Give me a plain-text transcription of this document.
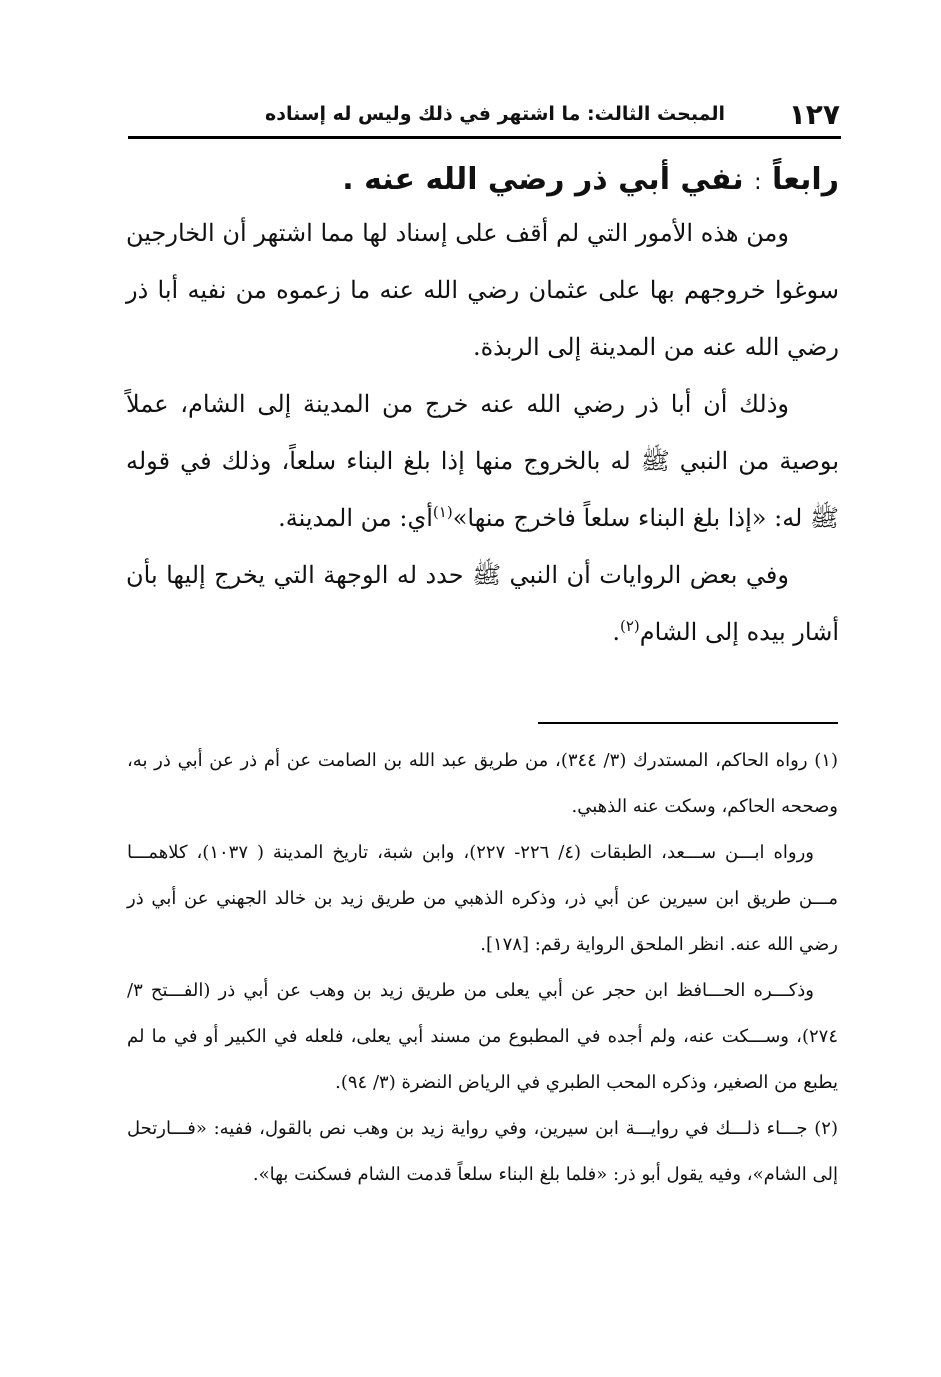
١٢٧
المبحث الثالث: ما اشتهر في ذلك وليس له إسناده
رابعاً : نفي أبي ذر رضي الله عنه .

ومن هذه الأمور التي لم أقف على إسناد لها مما اشتهر أن الخارجين سوغوا خروجهم بها على عثمان رضي الله عنه ما زعموه من نفيه أبا ذر رضي الله عنه من المدينة إلى الربذة.

وذلك أن أبا ذر رضي الله عنه خرج من المدينة إلى الشام، عملاً بوصية من النبي ﷺ له بالخروج منها إذا بلغ البناء سلعاً، وذلك في قوله ﷺ له: «إذا بلغ البناء سلعاً فاخرج منها»$^{(١)}$أي: من المدينة.

وفي بعض الروايات أن النبي ﷺ حدد له الوجهة التي يخرج إليها بأن أشار بيده إلى الشام$^{(٢)}$.

(١) رواه الحاكم، المستدرك (٣/ ٣٤٤)، من طريق عبد الله بن الصامت عن أم ذر عن أبي ذر به، وصححه الحاكم، وسكت عنه الذهبي.

ورواه ابـــن ســـعد، الطبقات (٤/ ٢٢٦- ٢٢٧)، وابن شبة، تاريخ المدينة ( ١٠٣٧)، كلاهمـــا مـــن طريق ابن سيرين عن أبي ذر، وذكره الذهبي من طريق زيد بن خالد الجهني عن أبي ذر رضي الله عنه. انظر الملحق الرواية رقم: [١٧٨].

وذكـــره الحـــافظ ابن حجر عن أبي يعلى من طريق زيد بن وهب عن أبي ذر (الفـــتح ٣/ ٢٧٤)، وســـكت عنه، ولم أجده في المطبوع من مسند أبي يعلى، فلعله في الكبير أو في ما لم يطبع من الصغير، وذكره المحب الطبري في الرياض النضرة (٣/ ٩٤).

(٢) جـــاء ذلـــك في روايـــة ابن سيرين، وفي رواية زيد بن وهب نص بالقول، ففيه: «فـــارتحل إلى الشام»، وفيه يقول أبو ذر: «فلما بلغ البناء سلعاً قدمت الشام فسكنت بها».
